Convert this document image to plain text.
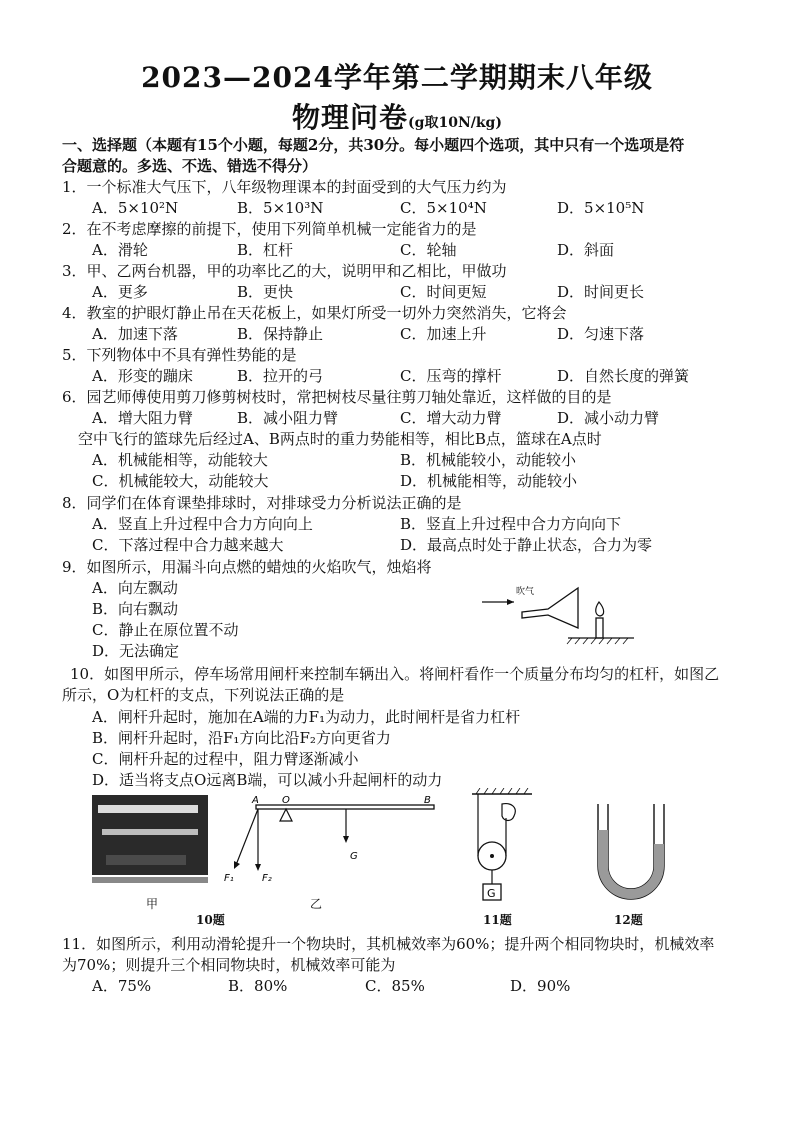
2023—2024学年第二学期期末八年级
物理问卷(g取10N/kg)
一、选择题（本题有15个小题，每题2分，共30分。每小题四个选项，其中只有一个选项是符
合题意的。多选、不选、错选不得分）
1．一个标准大气压下，八年级物理课本的封面受到的大气压力约为
A．5×10²N	B．5×10³N	C．5×10⁴N	D．5×10⁵N
2．在不考虑摩擦的前提下，使用下列简单机械一定能省力的是
A．滑轮	B．杠杆	C．轮轴	D．斜面
3．甲、乙两台机器，甲的功率比乙的大，说明甲和乙相比，甲做功
A．更多	B．更快	C．时间更短	D．时间更长
4．教室的护眼灯静止吊在天花板上，如果灯所受一切外力突然消失，它将会
A．加速下落	B．保持静止	C．加速上升	D．匀速下落
5．下列物体中不具有弹性势能的是
A．形变的蹦床	B．拉开的弓	C．压弯的撑杆	D．自然长度的弹簧
6．园艺师傅使用剪刀修剪树枝时，常把树枝尽量往剪刀轴处靠近，这样做的目的是
A．增大阻力臂	B．减小阻力臂	C．增大动力臂	D．减小动力臂
空中飞行的篮球先后经过A、B两点时的重力势能相等，相比B点，篮球在A点时
A．机械能相等，动能较大	B．机械能较小，动能较小
C．机械能较大，动能较大	D．机械能相等，动能较小
8．同学们在体育课垫排球时，对排球受力分析说法正确的是
A．竖直上升过程中合力方向向上	B．竖直上升过程中合力方向向下
C．下落过程中合力越来越大	D．最高点时处于静止状态，合力为零
9．如图所示，用漏斗向点燃的蜡烛的火焰吹气，烛焰将
A．向左飘动
B．向右飘动
C．静止在原位置不动
D．无法确定
吹气
10．如图甲所示，停车场常用闸杆来控制车辆出入。将闸杆看作一个质量分布均匀的杠杆，如图乙
所示，O为杠杆的支点，下列说法正确的是
A．闸杆升起时，施加在A端的力F₁为动力，此时闸杆是省力杠杆
B．闸杆升起时，沿F₁方向比沿F₂方向更省力
C．闸杆升起的过程中，阻力臂逐渐减小
D．适当将支点O远离B端，可以减小升起闸杆的动力
甲
A O	B
G
F₁	F₂
乙
10题
G
11题	12题
11．如图所示，利用动滑轮提升一个物块时，其机械效率为60%；提升两个相同物块时，机械效率
为70%；则提升三个相同物块时，机械效率可能为
A．75%	B．80%	C．85%	D．90%
